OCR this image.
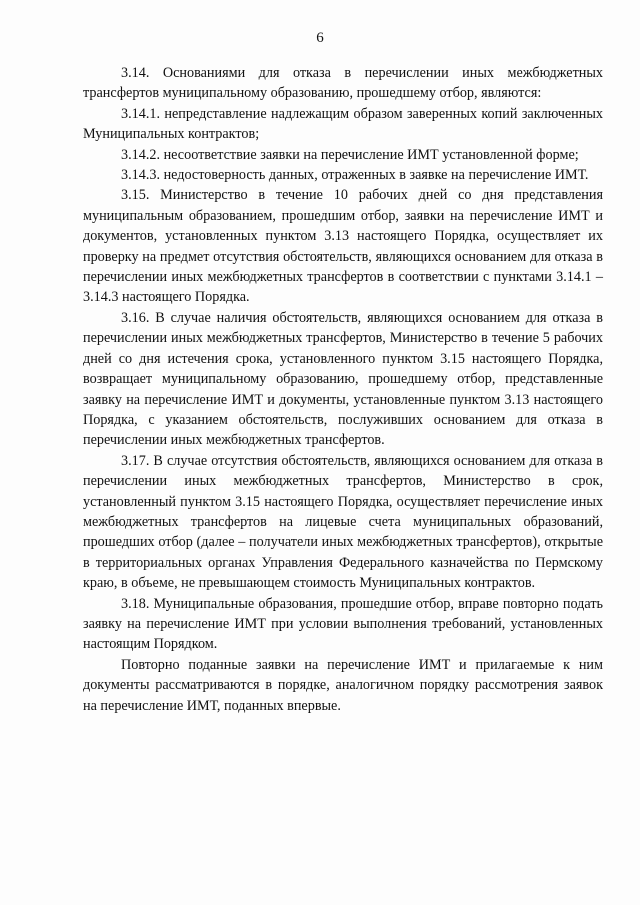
6

3.14. Основаниями для отказа в перечислении иных межбюджетных трансфертов муниципальному образованию, прошедшему отбор, являются:

3.14.1. непредставление надлежащим образом заверенных копий заключенных Муниципальных контрактов;

3.14.2. несоответствие заявки на перечисление ИМТ установленной форме;

3.14.3. недостоверность данных, отраженных в заявке на перечисление ИМТ.

3.15. Министерство в течение 10 рабочих дней со дня представления муниципальным образованием, прошедшим отбор, заявки на перечисление ИМТ и документов, установленных пунктом 3.13 настоящего Порядка, осуществляет их проверку на предмет отсутствия обстоятельств, являющихся основанием для отказа в перечислении иных межбюджетных трансфертов в соответствии с пунктами 3.14.1 – 3.14.3 настоящего Порядка.

3.16. В случае наличия обстоятельств, являющихся основанием для отказа в перечислении иных межбюджетных трансфертов, Министерство в течение 5 рабочих дней со дня истечения срока, установленного пунктом 3.15 настоящего Порядка, возвращает муниципальному образованию, прошедшему отбор, представленные заявку на перечисление ИМТ и документы, установленные пунктом 3.13 настоящего Порядка, с указанием обстоятельств, послуживших основанием для отказа в перечислении иных межбюджетных трансфертов.

3.17. В случае отсутствия обстоятельств, являющихся основанием для отказа в перечислении иных межбюджетных трансфертов, Министерство в срок, установленный пунктом 3.15 настоящего Порядка, осуществляет перечисление иных межбюджетных трансфертов на лицевые счета муниципальных образований, прошедших отбор (далее – получатели иных межбюджетных трансфертов), открытые в территориальных органах Управления Федерального казначейства по Пермскому краю, в объеме, не превышающем стоимость Муниципальных контрактов.

3.18. Муниципальные образования, прошедшие отбор, вправе повторно подать заявку на перечисление ИМТ при условии выполнения требований, установленных настоящим Порядком.

Повторно поданные заявки на перечисление ИМТ и прилагаемые к ним документы рассматриваются в порядке, аналогичном порядку рассмотрения заявок на перечисление ИМТ, поданных впервые.
